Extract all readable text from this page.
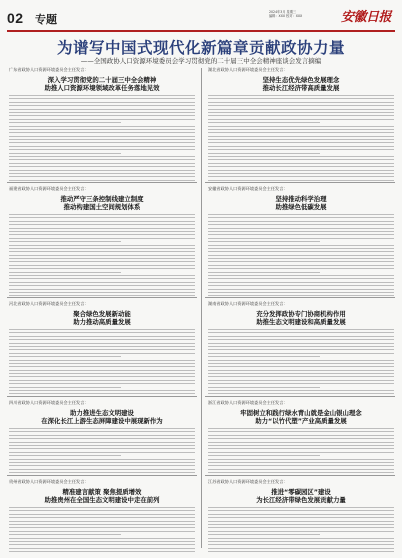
02 专题
2024年3月 星期三
编辑：XXX 校对：XXX	安徽日报
为谱写中国式现代化新篇章贡献政协力量
——全国政协人口资源环境委员会学习贯彻党的二十届三中全会精神座谈会发言摘编
广东省政协人口资源环境委员会主任发言：
深入学习贯彻党的二十届三中全会精神
助推人口资源环境领域改革任务落地见效
福建省政协人口资源环境委员会主任发言：
推动严守三条控制线建立制度
推动构建国土空间规划体系
河北省政协人口资源环境委员会主任发言：
聚合绿色发展新动能
助力推动高质量发展
四川省政协人口资源环境委员会主任发言：
助力推进生态文明建设
在深化长江上游生态屏障建设中展现新作为
贵州省政协人口资源环境委员会主任发言：
精准建言献策 聚焦提质增效
助推贵州在全国生态文明建设中走在前列
湖北省政协人口资源环境委员会主任发言：
坚持生态优先绿色发展理念
推动长江经济带高质量发展
安徽省政协人口资源环境委员会主任发言：
坚持推动科学治理
助推绿色低碳发展
湖南省政协人口资源环境委员会主任发言：
充分发挥政协专门协商机构作用
助推生态文明建设和高质量发展
浙江省政协人口资源环境委员会主任发言：
牢固树立和践行绿水青山就是金山银山理念
助力“以竹代塑”产业高质量发展
江苏省政协人口资源环境委员会主任发言：
推进“零碳园区”建设
为长江经济带绿色发展贡献力量
